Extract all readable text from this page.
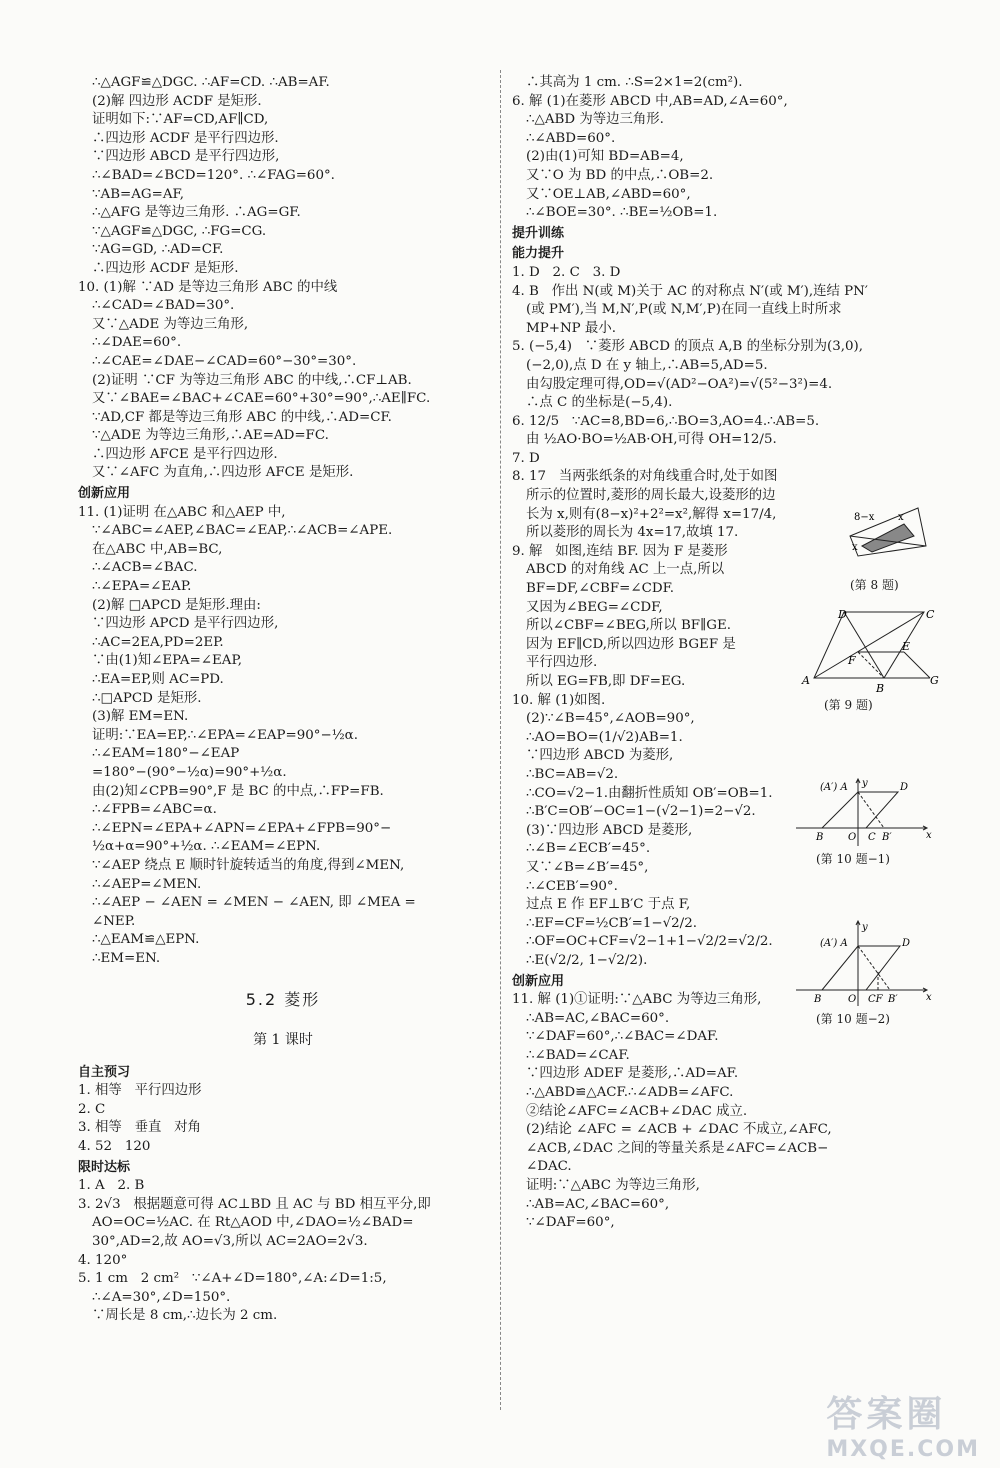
∴△AGF≌△DGC. ∴AF=CD. ∴AB=AF.
(2)解 四边形 ACDF 是矩形.
证明如下:∵AF=CD,AF∥CD,
∴四边形 ACDF 是平行四边形.
∵四边形 ABCD 是平行四边形,
∴∠BAD=∠BCD=120°. ∴∠FAG=60°.
∵AB=AG=AF,
∴△AFG 是等边三角形. ∴AG=GF.
∵△AGF≌△DGC, ∴FG=CG.
∵AG=GD, ∴AD=CF.
∴四边形 ACDF 是矩形.
10. (1)解 ∵AD 是等边三角形 ABC 的中线
∴∠CAD=∠BAD=30°.
又∵△ADE 为等边三角形,
∴∠DAE=60°.
∴∠CAE=∠DAE−∠CAD=60°−30°=30°.
(2)证明 ∵CF 为等边三角形 ABC 的中线,∴CF⊥AB.
又∵∠BAE=∠BAC+∠CAE=60°+30°=90°,∴AE∥FC.
∵AD,CF 都是等边三角形 ABC 的中线,∴AD=CF.
∵△ADE 为等边三角形,∴AE=AD=FC.
∴四边形 AFCE 是平行四边形.
又∵∠AFC 为直角,∴四边形 AFCE 是矩形.
创新应用
11. (1)证明 在△ABC 和△AEP 中,
∵∠ABC=∠AEP,∠BAC=∠EAP,∴∠ACB=∠APE.
在△ABC 中,AB=BC,
∴∠ACB=∠BAC.
∴∠EPA=∠EAP.
(2)解 □APCD 是矩形.理由:
∵四边形 APCD 是平行四边形,
∴AC=2EA,PD=2EP.
∵由(1)知∠EPA=∠EAP,
∴EA=EP,则 AC=PD.
∴□APCD 是矩形.
(3)解 EM=EN.
证明:∵EA=EP,∴∠EPA=∠EAP=90°−½α.
∴∠EAM=180°−∠EAP
=180°−(90°−½α)=90°+½α.
由(2)知∠CPB=90°,F 是 BC 的中点,∴FP=FB.
∴∠FPB=∠ABC=α.
∴∠EPN=∠EPA+∠APN=∠EPA+∠FPB=90°−
½α+α=90°+½α. ∴∠EAM=∠EPN.
∵∠AEP 绕点 E 顺时针旋转适当的角度,得到∠MEN,
∴∠AEP=∠MEN.
∴∠AEP − ∠AEN = ∠MEN − ∠AEN, 即 ∠MEA =
∠NEP.
∴△EAM≌△EPN.
∴EM=EN.
5.2 菱形
第 1 课时
自主预习
1. 相等   平行四边形
2. C
3. 相等   垂直   对角
4. 52   120
限时达标
1. A   2. B
3. 2√3   根据题意可得 AC⊥BD 且 AC 与 BD 相互平分,即
AO=OC=½AC. 在 Rt△AOD 中,∠DAO=½∠BAD=
30°,AD=2,故 AO=√3,所以 AC=2AO=2√3.
4. 120°
5. 1 cm   2 cm²   ∵∠A+∠D=180°,∠A:∠D=1:5,
∴∠A=30°,∠D=150°.
∵周长是 8 cm,∴边长为 2 cm.
∴其高为 1 cm. ∴S=2×1=2(cm²).
6. 解 (1)在菱形 ABCD 中,AB=AD,∠A=60°,
∴△ABD 为等边三角形.
∴∠ABD=60°.
(2)由(1)可知 BD=AB=4,
又∵O 为 BD 的中点,∴OB=2.
又∵OE⊥AB,∠ABD=60°,
∴∠BOE=30°. ∴BE=½OB=1.
提升训练
能力提升
1. D   2. C   3. D
4. B   作出 N(或 M)关于 AC 的对称点 N′(或 M′),连结 PN′
(或 PM′),当 M,N′,P(或 N,M′,P)在同一直线上时所求
MP+NP 最小.
5. (−5,4)   ∵菱形 ABCD 的顶点 A,B 的坐标分别为(3,0),
(−2,0),点 D 在 y 轴上,∴AB=5,AD=5.
由勾股定理可得,OD=√(AD²−OA²)=√(5²−3²)=4.
∴点 C 的坐标是(−5,4).
6. 12/5   ∵AC=8,BD=6,∴BO=3,AO=4.∴AB=5.
由 ½AO·BO=½AB·OH,可得 OH=12/5.
7. D
8. 17   当两张纸条的对角线重合时,处于如图
所示的位置时,菱形的周长最大,设菱形的边
长为 x,则有(8−x)²+2²=x²,解得 x=17/4,
所以菱形的周长为 4x=17,故填 17.
9. 解   如图,连结 BF. 因为 F 是菱形
ABCD 的对角线 AC 上一点,所以
BF=DF,∠CBF=∠CDF.
又因为∠BEG=∠CDF,
所以∠CBF=∠BEG,所以 BF∥GE.
因为 EF∥CD,所以四边形 BGEF 是
平行四边形.
所以 EG=FB,即 DF=EG.
10. 解 (1)如图.
(2)∵∠B=45°,∠AOB=90°,
∴AO=BO=(1/√2)AB=1.
∵四边形 ABCD 为菱形,
∴BC=AB=√2.
∴CO=√2−1.由翻折性质知 OB′=OB=1.
∴B′C=OB′−OC=1−(√2−1)=2−√2.
(3)∵四边形 ABCD 是菱形,
∴∠B=∠ECB′=45°.
又∵∠B=∠B′=45°,
∴∠CEB′=90°.
过点 E 作 EF⊥B′C 于点 F,
∴EF=CF=½CB′=1−√2/2.
∴OF=OC+CF=√2−1+1−√2/2=√2/2.
∴E(√2/2, 1−√2/2).
创新应用
11. 解 (1)①证明:∵△ABC 为等边三角形,
∴AB=AC,∠BAC=60°.
∵∠DAF=60°,∴∠BAC=∠DAF.
∴∠BAD=∠CAF.
∵四边形 ADEF 是菱形,∴AD=AF.
∴△ABD≌△ACF.∴∠ADB=∠AFC.
②结论∠AFC=∠ACB+∠DAC 成立.
(2)结论 ∠AFC = ∠ACB + ∠DAC 不成立,∠AFC,
∠ACB,∠DAC 之间的等量关系是∠AFC=∠ACB−
∠DAC.
证明:∵△ABC 为等边三角形,
∴AB=AC,∠BAC=60°,
∵∠DAF=60°,
8−x x
x
(第 8 题)
D	C
F
E
A
B
G
(第 9 题)
y
(A′) A	D
B O C B′	x
(第 10 题−1)
y
(A′) A	D
B	O CF B′	x
(第 10 题−2)
答案圈
MXQE.COM
